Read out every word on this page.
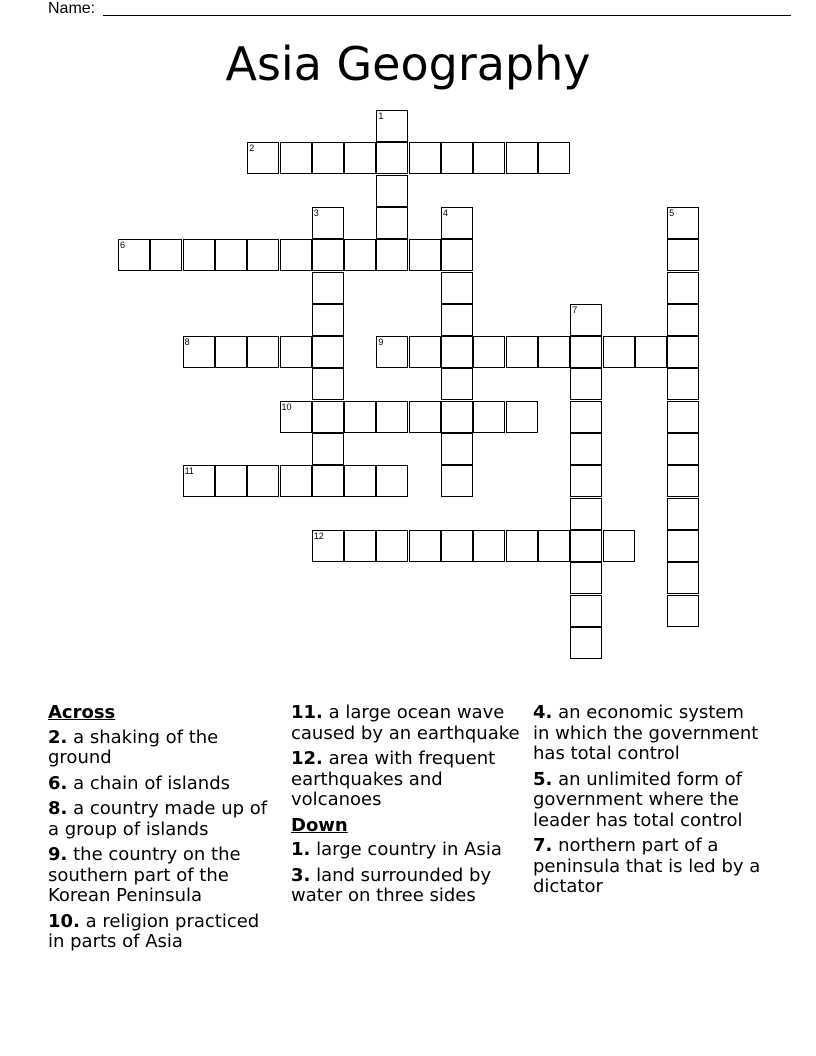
Name:
Asia Geography
1
2
3	4	5
6
7
8	9
10
11
12
Across
2. a shaking of the ground
6. a chain of islands
8. a country made up of a group of islands
9. the country on the southern part of the Korean Peninsula
10. a religion practiced in parts of Asia
11. a large ocean wave caused by an earthquake
12. area with frequent earthquakes and volcanoes
Down
1. large country in Asia
3. land surrounded by water on three sides
4. an economic system in which the government has total control
5. an unlimited form of government where the leader has total control
7. northern part of a peninsula that is led by a dictator
